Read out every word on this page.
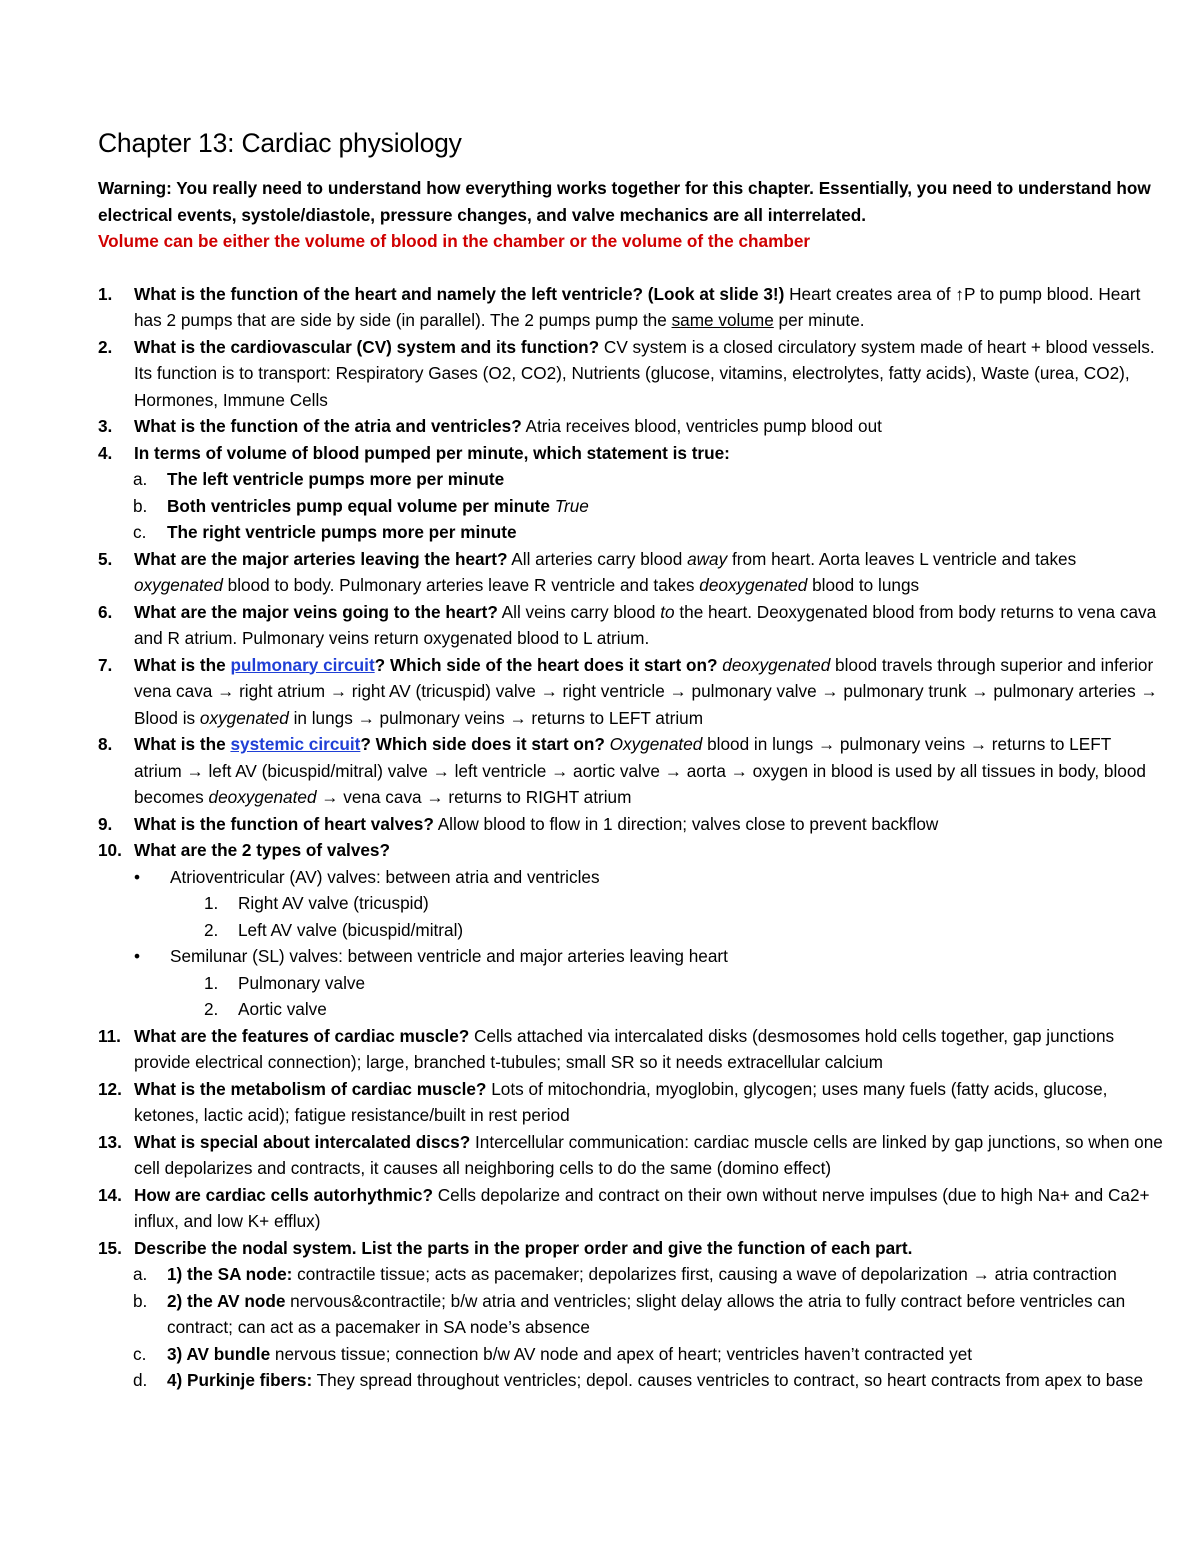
Chapter 13: Cardiac physiology
Warning: You really need to understand how everything works together for this chapter. Essentially, you need to understand how electrical events, systole/diastole, pressure changes, and valve mechanics are all interrelated.
Volume can be either the volume of blood in the chamber or the volume of the chamber
1.	What is the function of the heart and namely the left ventricle? (Look at slide 3!) Heart creates area of ↑P to pump blood. Heart has 2 pumps that are side by side (in parallel). The 2 pumps pump the same volume per minute.
2.	What is the cardiovascular (CV) system and its function? CV system is a closed circulatory system made of heart + blood vessels. Its function is to transport: Respiratory Gases (O2, CO2), Nutrients (glucose, vitamins, electrolytes, fatty acids), Waste (urea, CO2), Hormones, Immune Cells
3.	What is the function of the atria and ventricles? Atria receives blood, ventricles pump blood out
4.	In terms of volume of blood pumped per minute, which statement is true:
a.	The left ventricle pumps more per minute
b.	Both ventricles pump equal volume per minute True
c.	The right ventricle pumps more per minute
5.	What are the major arteries leaving the heart? All arteries carry blood away from heart. Aorta leaves L ventricle and takes oxygenated blood to body. Pulmonary arteries leave R ventricle and takes deoxygenated blood to lungs
6.	What are the major veins going to the heart? All veins carry blood to the heart. Deoxygenated blood from body returns to vena cava and R atrium. Pulmonary veins return oxygenated blood to L atrium.
7.	What is the pulmonary circuit? Which side of the heart does it start on? deoxygenated blood travels through superior and inferior vena cava → right atrium → right AV (tricuspid) valve → right ventricle → pulmonary valve → pulmonary trunk → pulmonary arteries → Blood is oxygenated in lungs → pulmonary veins → returns to LEFT atrium
8.	What is the systemic circuit? Which side does it start on? Oxygenated blood in lungs → pulmonary veins → returns to LEFT atrium → left AV (bicuspid/mitral) valve → left ventricle → aortic valve → aorta → oxygen in blood is used by all tissues in body, blood becomes deoxygenated → vena cava → returns to RIGHT atrium
9.	What is the function of heart valves? Allow blood to flow in 1 direction; valves close to prevent backflow
10. What are the 2 types of valves?
•	Atrioventricular (AV) valves: between atria and ventricles
1.	Right AV valve (tricuspid)
2.	Left AV valve (bicuspid/mitral)
•	Semilunar (SL) valves: between ventricle and major arteries leaving heart
1.	Pulmonary valve
2.	Aortic valve
11. What are the features of cardiac muscle? Cells attached via intercalated disks (desmosomes hold cells together, gap junctions provide electrical connection); large, branched t-tubules; small SR so it needs extracellular calcium
12. What is the metabolism of cardiac muscle? Lots of mitochondria, myoglobin, glycogen; uses many fuels (fatty acids, glucose, ketones, lactic acid); fatigue resistance/built in rest period
13. What is special about intercalated discs? Intercellular communication: cardiac muscle cells are linked by gap junctions, so when one cell depolarizes and contracts, it causes all neighboring cells to do the same (domino effect)
14. How are cardiac cells autorhythmic? Cells depolarize and contract on their own without nerve impulses (due to high Na+ and Ca2+ influx, and low K+ efflux)
15. Describe the nodal system. List the parts in the proper order and give the function of each part.
a.	1) the SA node: contractile tissue; acts as pacemaker; depolarizes first, causing a wave of depolarization → atria contraction
b.	2) the AV node nervous&contractile; b/w atria and ventricles; slight delay allows the atria to fully contract before ventricles can contract; can act as a pacemaker in SA node’s absence
c.	3) AV bundle nervous tissue; connection b/w AV node and apex of heart; ventricles haven’t contracted yet
d.	4) Purkinje fibers: They spread throughout ventricles; depol. causes ventricles to contract, so heart contracts from apex to base
